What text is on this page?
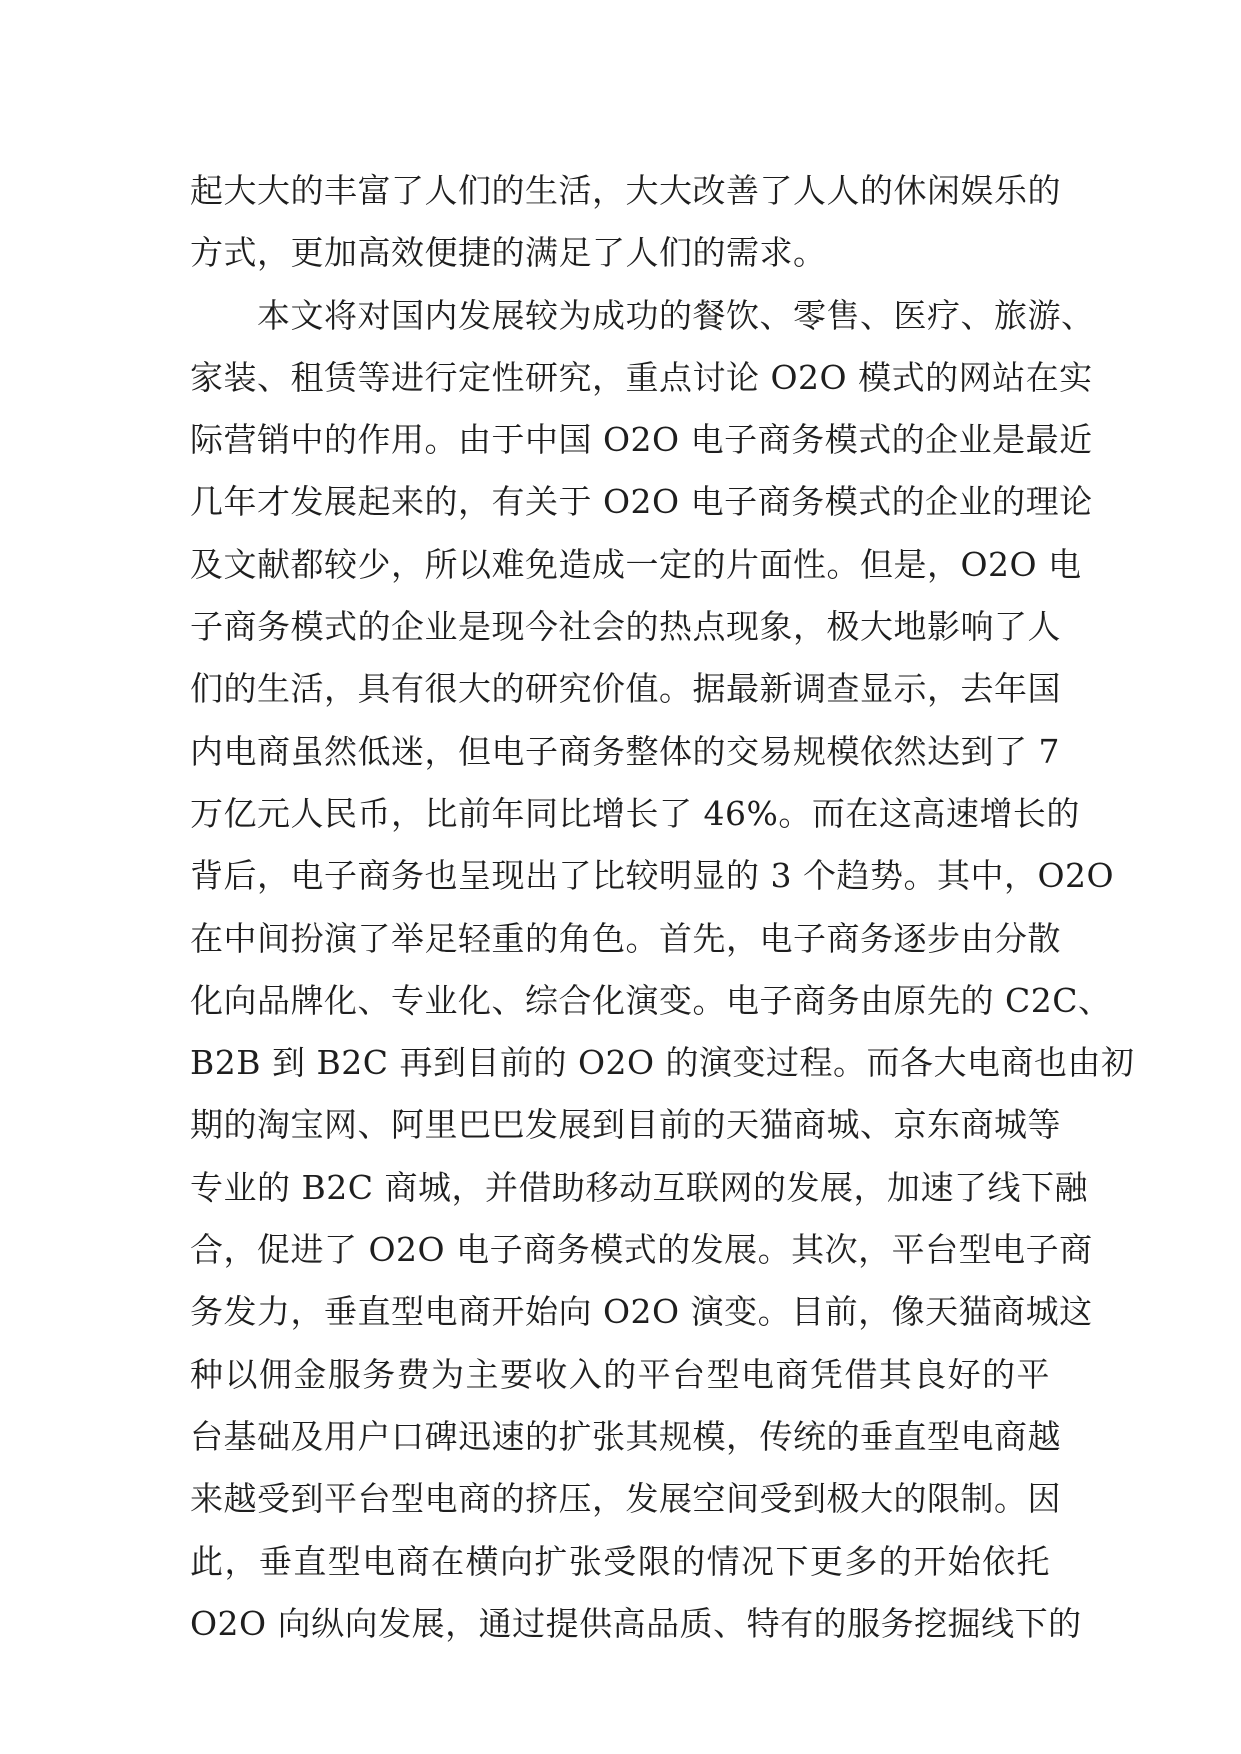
起大大的丰富了人们的生活，大大改善了人人的休闲娱乐的
方式，更加高效便捷的满足了人们的需求。
本文将对国内发展较为成功的餐饮、零售、医疗、旅游、
家装、租赁等进行定性研究，重点讨论 O2O 模式的网站在实
际营销中的作用。由于中国 O2O 电子商务模式的企业是最近
几年才发展起来的，有关于 O2O 电子商务模式的企业的理论
及文献都较少，所以难免造成一定的片面性。但是，O2O 电
子商务模式的企业是现今社会的热点现象，极大地影响了人
们的生活，具有很大的研究价值。据最新调查显示，去年国
内电商虽然低迷，但电子商务整体的交易规模依然达到了 7
万亿元人民币，比前年同比增长了 46%。而在这高速增长的
背后，电子商务也呈现出了比较明显的 3 个趋势。其中，O2O
在中间扮演了举足轻重的角色。首先，电子商务逐步由分散
化向品牌化、专业化、综合化演变。电子商务由原先的 C2C、
B2B 到 B2C 再到目前的 O2O 的演变过程。而各大电商也由初
期的淘宝网、阿里巴巴发展到目前的天猫商城、京东商城等
专业的 B2C 商城，并借助移动互联网的发展，加速了线下融
合，促进了 O2O 电子商务模式的发展。其次，平台型电子商
务发力，垂直型电商开始向 O2O 演变。目前，像天猫商城这
种以佣金服务费为主要收入的平台型电商凭借其良好的平
台基础及用户口碑迅速的扩张其规模，传统的垂直型电商越
来越受到平台型电商的挤压，发展空间受到极大的限制。因
此，垂直型电商在横向扩张受限的情况下更多的开始依托
O2O 向纵向发展，通过提供高品质、特有的服务挖掘线下的
